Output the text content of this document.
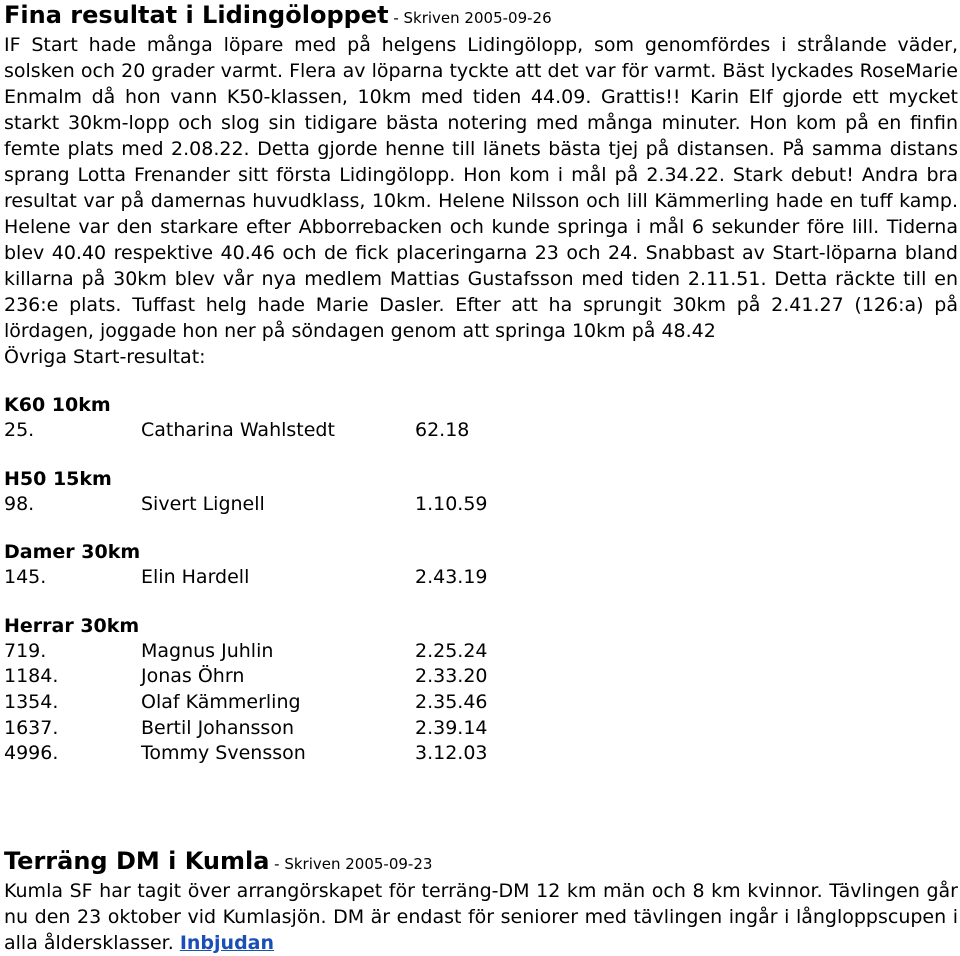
Fina resultat i Lidingöloppet - Skriven 2005-09-26

IF Start hade många löpare med på helgens Lidingölopp, som genomfördes i strålande väder, solsken och 20 grader varmt. Flera av löparna tyckte att det var för varmt. Bäst lyckades RoseMarie Enmalm då hon vann K50-klassen, 10km med tiden 44.09. Grattis!! Karin Elf gjorde ett mycket starkt 30km-lopp och slog sin tidigare bästa notering med många minuter. Hon kom på en finfin femte plats med 2.08.22. Detta gjorde henne till länets bästa tjej på distansen. På samma distans sprang Lotta Frenander sitt första Lidingölopp. Hon kom i mål på 2.34.22. Stark debut! Andra bra resultat var på damernas huvudklass, 10km. Helene Nilsson och lill Kämmerling hade en tuff kamp. Helene var den starkare efter Abborrebacken och kunde springa i mål 6 sekunder före lill. Tiderna blev 40.40 respektive 40.46 och de fick placeringarna 23 och 24. Snabbast av Start-löparna bland killarna på 30km blev vår nya medlem Mattias Gustafsson med tiden 2.11.51. Detta räckte till en 236:e plats. Tuffast helg hade Marie Dasler. Efter att ha sprungit 30km på 2.41.27 (126:a) på lördagen, joggade hon ner på söndagen genom att springa 10km på 48.42

Övriga Start-resultat:

K60 10km

25.	Catharina Wahlstedt	62.18

H50 15km

98.	Sivert Lignell	1.10.59

Damer 30km

145.	Elin Hardell	2.43.19

Herrar 30km

719.	Magnus Juhlin	2.25.24
1184.	Jonas Öhrn	2.33.20
1354.	Olaf Kämmerling	2.35.46
1637.	Bertil Johansson	2.39.14
4996.	Tommy Svensson	3.12.03
Terräng DM i Kumla - Skriven 2005-09-23

Kumla SF har tagit över arrangörskapet för terräng-DM 12 km män och 8 km kvinnor. Tävlingen går nu den 23 oktober vid Kumlasjön. DM är endast för seniorer med tävlingen ingår i långloppscupen i alla åldersklasser. Inbjudan
